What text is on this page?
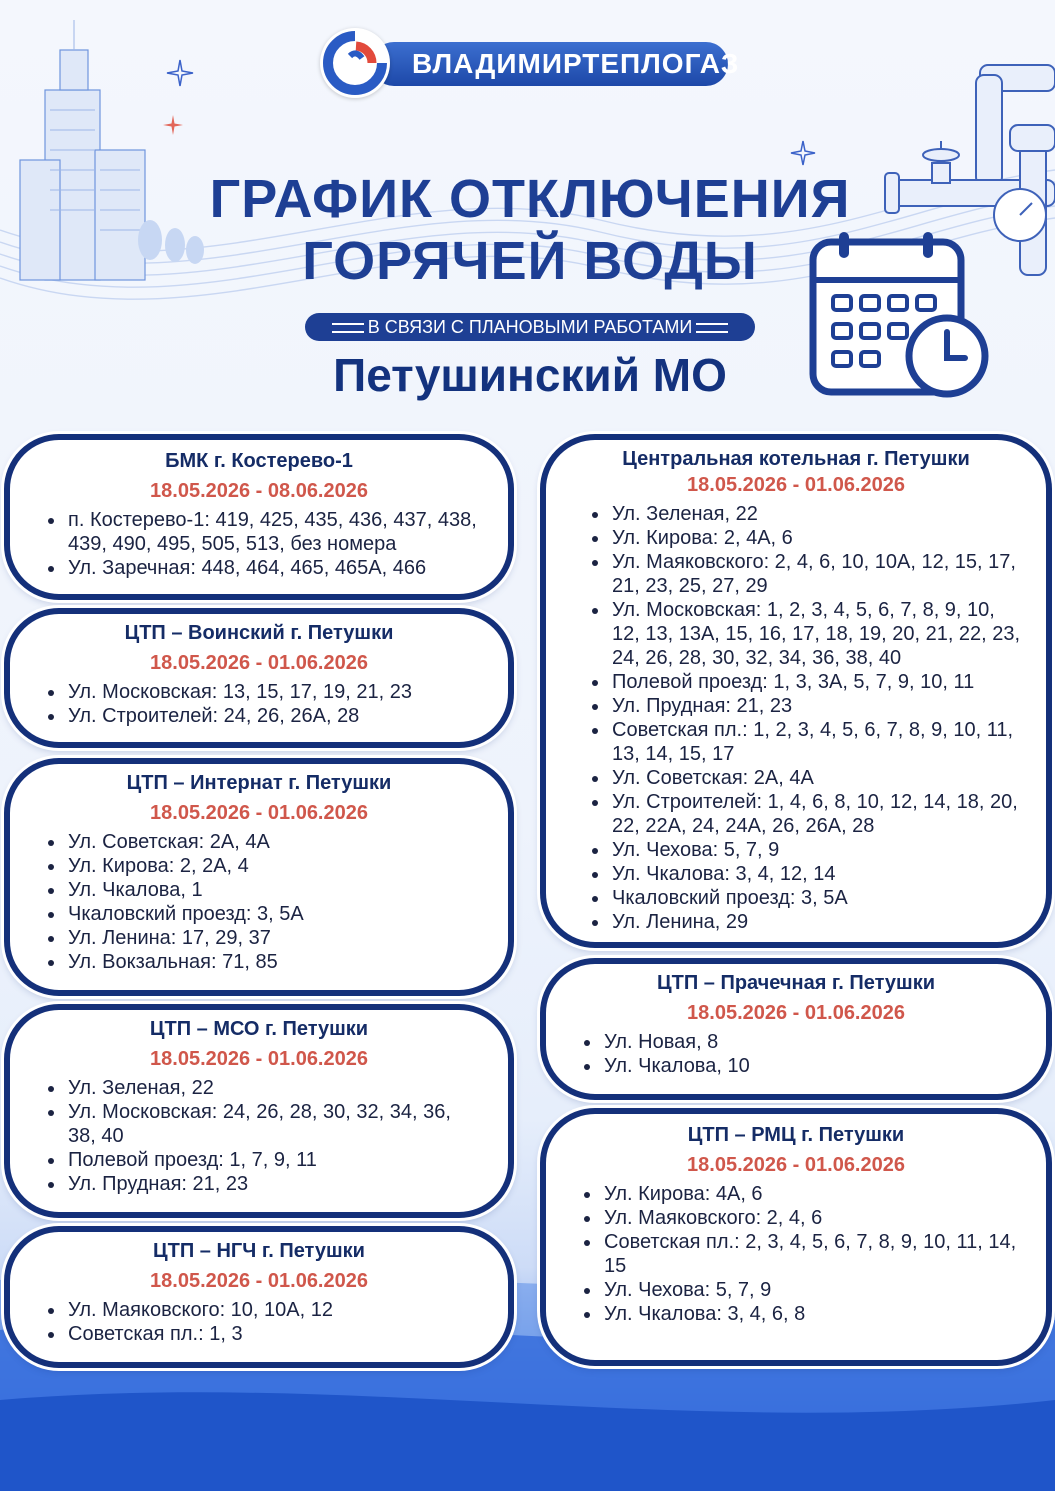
ВЛАДИМИРТЕПЛОГАЗ
ГРАФИК ОТКЛЮЧЕНИЯ
ГОРЯЧЕЙ ВОДЫ
В СВЯЗИ С ПЛАНОВЫМИ РАБОТАМИ
Петушинский МО
БМК г. Костерево-1
18.05.2026 - 08.06.2026
п. Костерево-1: 419, 425, 435, 436, 437, 438, 439, 490, 495, 505, 513, без номера
Ул. Заречная: 448, 464, 465, 465А, 466
ЦТП – Воинский г. Петушки
18.05.2026 - 01.06.2026
Ул. Московская: 13, 15, 17, 19, 21, 23
Ул. Строителей: 24, 26, 26А, 28
ЦТП – Интернат г. Петушки
18.05.2026 - 01.06.2026
Ул. Советская: 2А, 4А
Ул. Кирова: 2, 2А, 4
Ул. Чкалова, 1
Чкаловский проезд: 3, 5А
Ул. Ленина: 17, 29, 37
Ул. Вокзальная: 71, 85
ЦТП – МСО г. Петушки
18.05.2026 - 01.06.2026
Ул. Зеленая, 22
Ул. Московская: 24, 26, 28, 30, 32, 34, 36, 38, 40
Полевой проезд: 1, 7, 9, 11
Ул. Прудная: 21, 23
ЦТП – НГЧ г. Петушки
18.05.2026 - 01.06.2026
Ул. Маяковского: 10, 10А, 12
Советская пл.: 1, 3
Центральная котельная г. Петушки
18.05.2026 - 01.06.2026
Ул. Зеленая, 22
Ул. Кирова: 2, 4А, 6
Ул. Маяковского: 2, 4, 6, 10, 10А, 12, 15, 17, 21, 23, 25, 27, 29
Ул. Московская: 1, 2, 3, 4, 5, 6, 7, 8, 9, 10, 12, 13, 13А, 15, 16, 17, 18, 19, 20, 21, 22, 23, 24, 26, 28, 30, 32, 34, 36, 38, 40
Полевой проезд: 1, 3, 3А, 5, 7, 9, 10, 11
Ул. Прудная: 21, 23
Советская пл.: 1, 2, 3, 4, 5, 6, 7, 8, 9, 10, 11, 13, 14, 15, 17
Ул. Советская: 2А, 4А
Ул. Строителей: 1, 4, 6, 8, 10, 12, 14, 18, 20, 22, 22А, 24, 24А, 26, 26А, 28
Ул. Чехова: 5, 7, 9
Ул. Чкалова: 3, 4, 12, 14
Чкаловский проезд: 3, 5А
Ул. Ленина, 29
ЦТП – Прачечная г. Петушки
18.05.2026 - 01.06.2026
Ул. Новая, 8
Ул. Чкалова, 10
ЦТП – РМЦ г. Петушки
18.05.2026 - 01.06.2026
Ул. Кирова: 4А, 6
Ул. Маяковского: 2, 4, 6
Советская пл.: 2, 3, 4, 5, 6, 7, 8, 9, 10, 11, 14, 15
Ул. Чехова: 5, 7, 9
Ул. Чкалова: 3, 4, 6, 8
